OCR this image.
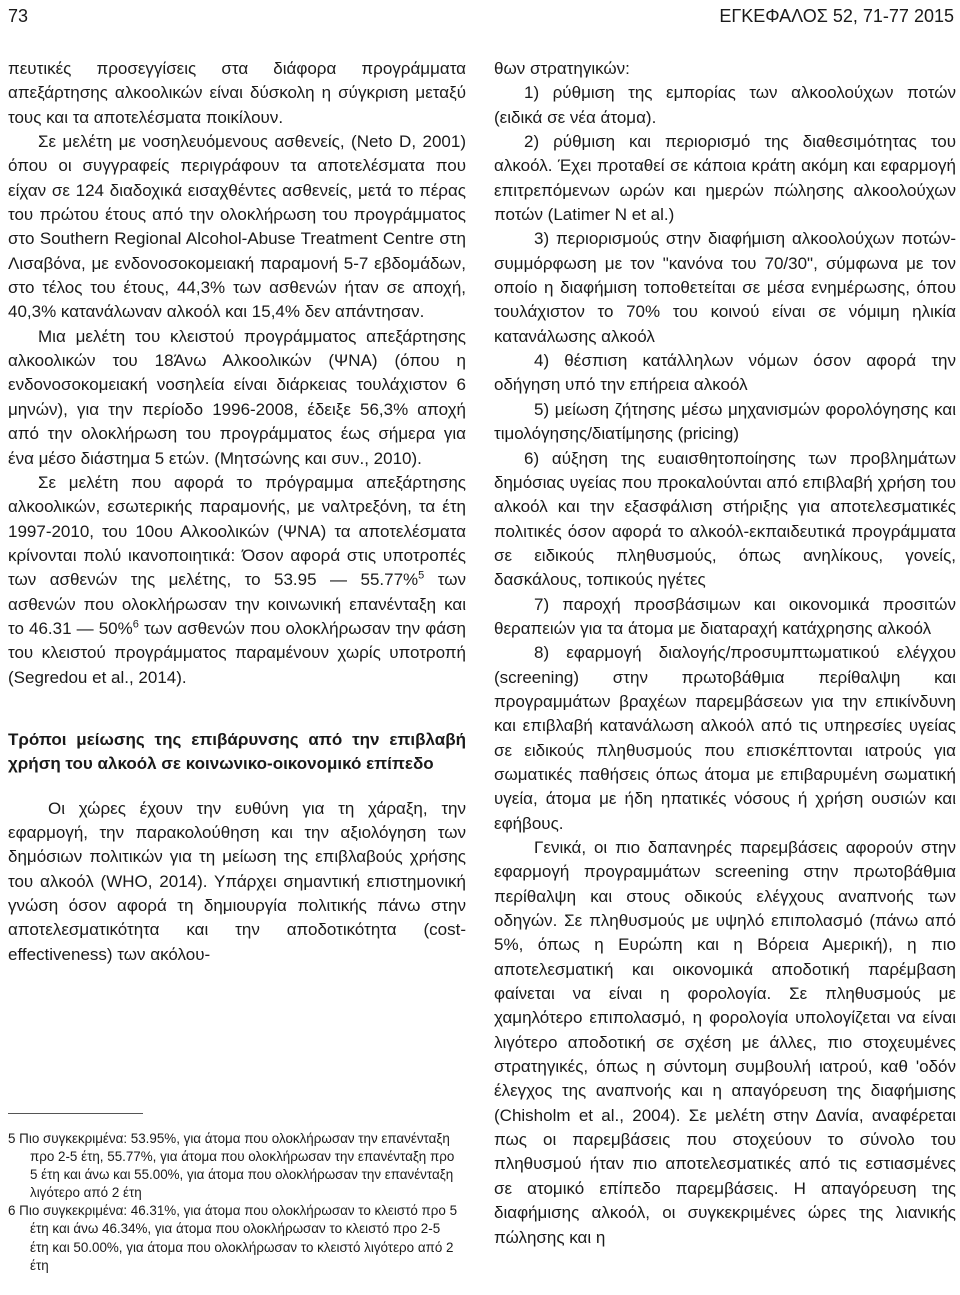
73	ΕΓΚΕΦΑΛΟΣ 52, 71-77 2015

πευτικές προσεγγίσεις στα διάφορα προγράμματα απεξάρτησης αλκοολικών είναι δύσκολη η σύγκριση μεταξύ τους και τα αποτελέσματα ποικίλουν.

Σε μελέτη με νοσηλευόμενους ασθενείς, (Neto D, 2001) όπου οι συγγραφείς περιγράφουν τα αποτελέσματα που είχαν σε 124 διαδοχικά εισαχθέντες ασθενείς, μετά το πέρας του πρώτου έτους από την ολοκλήρωση του προγράμματος στο Southern Regional Alcohol-Abuse Treatment Centre στη Λισαβόνα, με ενδονοσοκομειακή παραμονή 5-7 εβδομάδων, στο τέλος του έτους, 44,3% των ασθενών ήταν σε αποχή, 40,3% κατανάλωναν αλκοόλ και 15,4% δεν απάντησαν.

Μια μελέτη του κλειστού προγράμματος απεξάρτησης αλκοολικών του 18Άνω Αλκοολικών (ΨΝΑ) (όπου η ενδονοσοκομειακή νοσηλεία είναι διάρκειας τουλάχιστον 6 μηνών), για την περίοδο 1996-2008, έδειξε 56,3% αποχή από την ολοκλήρωση του προγράμματος έως σήμερα για ένα μέσο διάστημα 5 ετών. (Μητσώνης και συν., 2010).

Σε μελέτη που αφορά το πρόγραμμα απεξάρτησης αλκοολικών, εσωτερικής παραμονής, με ναλτρεξόνη, τα έτη 1997-2010, του 10ου Αλκοολικών (ΨΝΑ) τα αποτελέσματα κρίνονται πολύ ικανοποιητικά: Όσον αφορά στις υποτροπές των ασθενών της μελέτης, το 53.95 — 55.77%$^5$ των ασθενών που ολοκλήρωσαν την κοινωνική επανένταξη και το 46.31 — 50%$^6$ των ασθενών που ολοκλήρωσαν την φάση του κλειστού προγράμματος παραμένουν χωρίς υποτροπή (Segredou et al., 2014).

Τρόποι μείωσης της επιβάρυνσης από την επιβλαβή χρήση του αλκοόλ σε κοινωνικο-οικονομικό επίπεδο

Οι χώρες έχουν την ευθύνη για τη χάραξη, την εφαρμογή, την παρακολούθηση και την αξιολόγηση των δημόσιων πολιτικών για τη μείωση της επιβλαβούς χρήσης του αλκοόλ (WHO, 2014). Υπάρχει σημαντική επιστημονική γνώση όσον αφορά τη δημιουργία πολιτικής πάνω στην αποτελεσματικότητα και την αποδοτικότητα (cost-effectiveness) των ακόλου-

5 Πιο συγκεκριμένα: 53.95%, για άτομα που ολοκλήρωσαν την επανένταξη προ 2-5 έτη, 55.77%, για άτομα που ολοκλήρωσαν την επανένταξη προ 5 έτη και άνω και 55.00%, για άτομα που ολοκλήρωσαν την επανένταξη λιγότερο από 2 έτη

6 Πιο συγκεκριμένα: 46.31%, για άτομα που ολοκλήρωσαν το κλειστό προ 5 έτη και άνω 46.34%, για άτομα που ολοκλήρωσαν το κλειστό προ 2-5 έτη και 50.00%, για άτομα που ολοκλήρωσαν το κλειστό λιγότερο από 2 έτη

θων στρατηγικών:

1) ρύθμιση της εμπορίας των αλκοολούχων ποτών (ειδικά σε νέα άτομα).

2) ρύθμιση και περιορισμό της διαθεσιμότητας του αλκοόλ. Έχει προταθεί σε κάποια κράτη ακόμη και εφαρμογή επιτρεπόμενων ωρών και ημερών πώλησης αλκοολούχων ποτών (Latimer N et al.)

3) περιορισμούς στην διαφήμιση αλκοολούχων ποτών- συμμόρφωση με τον "κανόνα του 70/30", σύμφωνα με τον οποίο η διαφήμιση τοποθετείται σε μέσα ενημέρωσης, όπου τουλάχιστον το 70% του κοινού είναι σε νόμιμη ηλικία κατανάλωσης αλκοόλ

4) θέσπιση κατάλληλων νόμων όσον αφορά την οδήγηση υπό την επήρεια αλκοόλ

5) μείωση ζήτησης μέσω μηχανισμών φορολόγησης και τιμολόγησης/διατίμησης (pricing)

6) αύξηση της ευαισθητοποίησης των προβλημάτων δημόσιας υγείας που προκαλούνται από επιβλαβή χρήση του αλκοόλ και την εξασφάλιση στήριξης για αποτελεσματικές πολιτικές όσον αφορά το αλκοόλ-εκπαιδευτικά προγράμματα σε ειδικούς πληθυσμούς, όπως ανηλίκους, γονείς, δασκάλους, τοπικούς ηγέτες

7) παροχή προσβάσιμων και οικονομικά προσιτών θεραπειών για τα άτομα με διαταραχή κατάχρησης αλκοόλ

8) εφαρμογή διαλογής/προσυμπτωματικού ελέγχου (screening) στην πρωτοβάθμια περίθαλψη και προγραμμάτων βραχέων παρεμβάσεων για την επικίνδυνη και επιβλαβή κατανάλωση αλκοόλ από τις υπηρεσίες υγείας σε ειδικούς πληθυσμούς που επισκέπτονται ιατρούς για σωματικές παθήσεις όπως άτομα με επιβαρυμένη σωματική υγεία, άτομα με ήδη ηπατικές νόσους ή χρήση ουσιών και εφήβους.

Γενικά, οι πιο δαπανηρές παρεμβάσεις αφορούν στην εφαρμογή προγραμμάτων screening στην πρωτοβάθμια περίθαλψη και στους οδικούς ελέγχους αναπνοής των οδηγών. Σε πληθυσμούς με υψηλό επιπολασμό (πάνω από 5%, όπως η Ευρώπη και η Βόρεια Αμερική), η πιο αποτελεσματική και οικονομικά αποδοτική παρέμβαση φαίνεται να είναι η φορολογία. Σε πληθυσμούς με χαμηλότερο επιπολασμό, η φορολογία υπολογίζεται να είναι λιγότερο αποδοτική σε σχέση με άλλες, πιο στοχευμένες στρατηγικές, όπως η σύντομη συμβουλή ιατρού, καθ 'οδόν έλεγχος της αναπνοής και η απαγόρευση της διαφήμισης (Chisholm et al., 2004). Σε μελέτη στην Δανία, αναφέρεται πως οι παρεμβάσεις που στοχεύουν το σύνολο του πληθυσμού ήταν πιο αποτελεσματικές από τις εστιασμένες σε ατομικό επίπεδο παρεμβάσεις. Η απαγόρευση της διαφήμισης αλκοόλ, οι συγκεκριμένες ώρες της λιανικής πώλησης και η
